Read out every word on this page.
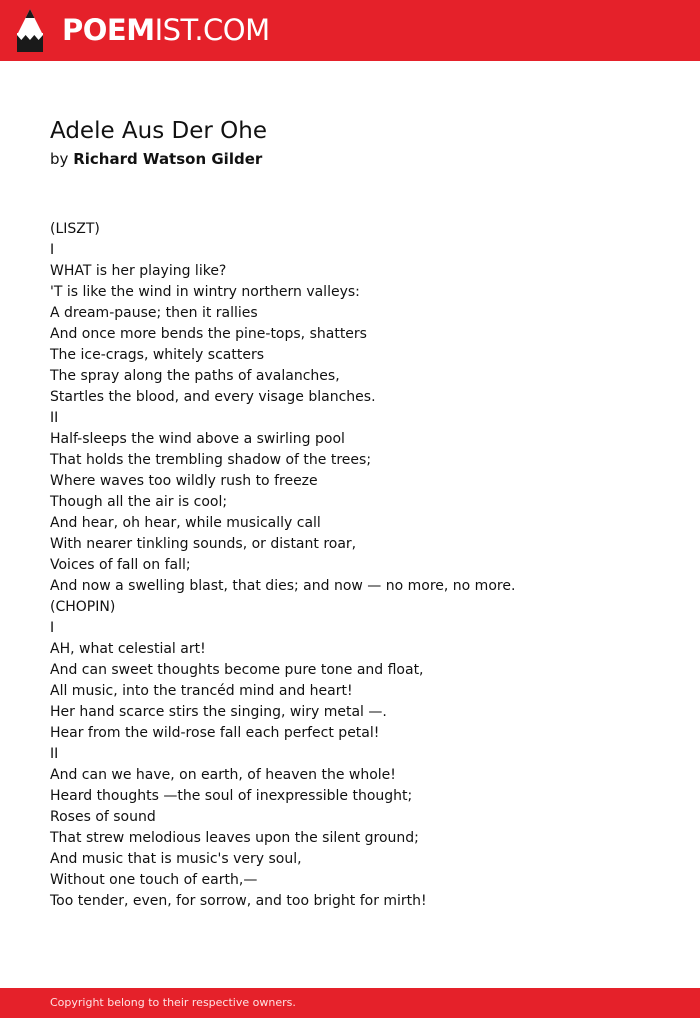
POEMIST.COM
Adele Aus Der Ohe
by Richard Watson Gilder
(LISZT)
I
WHAT is her playing like?
'T is like the wind in wintry northern valleys:
A dream-pause; then it rallies
And once more bends the pine-tops, shatters
The ice-crags, whitely scatters
The spray along the paths of avalanches,
Startles the blood, and every visage blanches.
II
Half-sleeps the wind above a swirling pool
That holds the trembling shadow of the trees;
Where waves too wildly rush to freeze
Though all the air is cool;
And hear, oh hear, while musically call
With nearer tinkling sounds, or distant roar,
Voices of fall on fall;
And now a swelling blast, that dies; and now — no more, no more.
(CHOPIN)
I
AH, what celestial art!
And can sweet thoughts become pure tone and float,
All music, into the trancéd mind and heart!
Her hand scarce stirs the singing, wiry metal —.
Hear from the wild-rose fall each perfect petal!
II
And can we have, on earth, of heaven the whole!
Heard thoughts —the soul of inexpressible thought;
Roses of sound
That strew melodious leaves upon the silent ground;
And music that is music's very soul,
Without one touch of earth,—
Too tender, even, for sorrow, and too bright for mirth!
Copyright belong to their respective owners.
